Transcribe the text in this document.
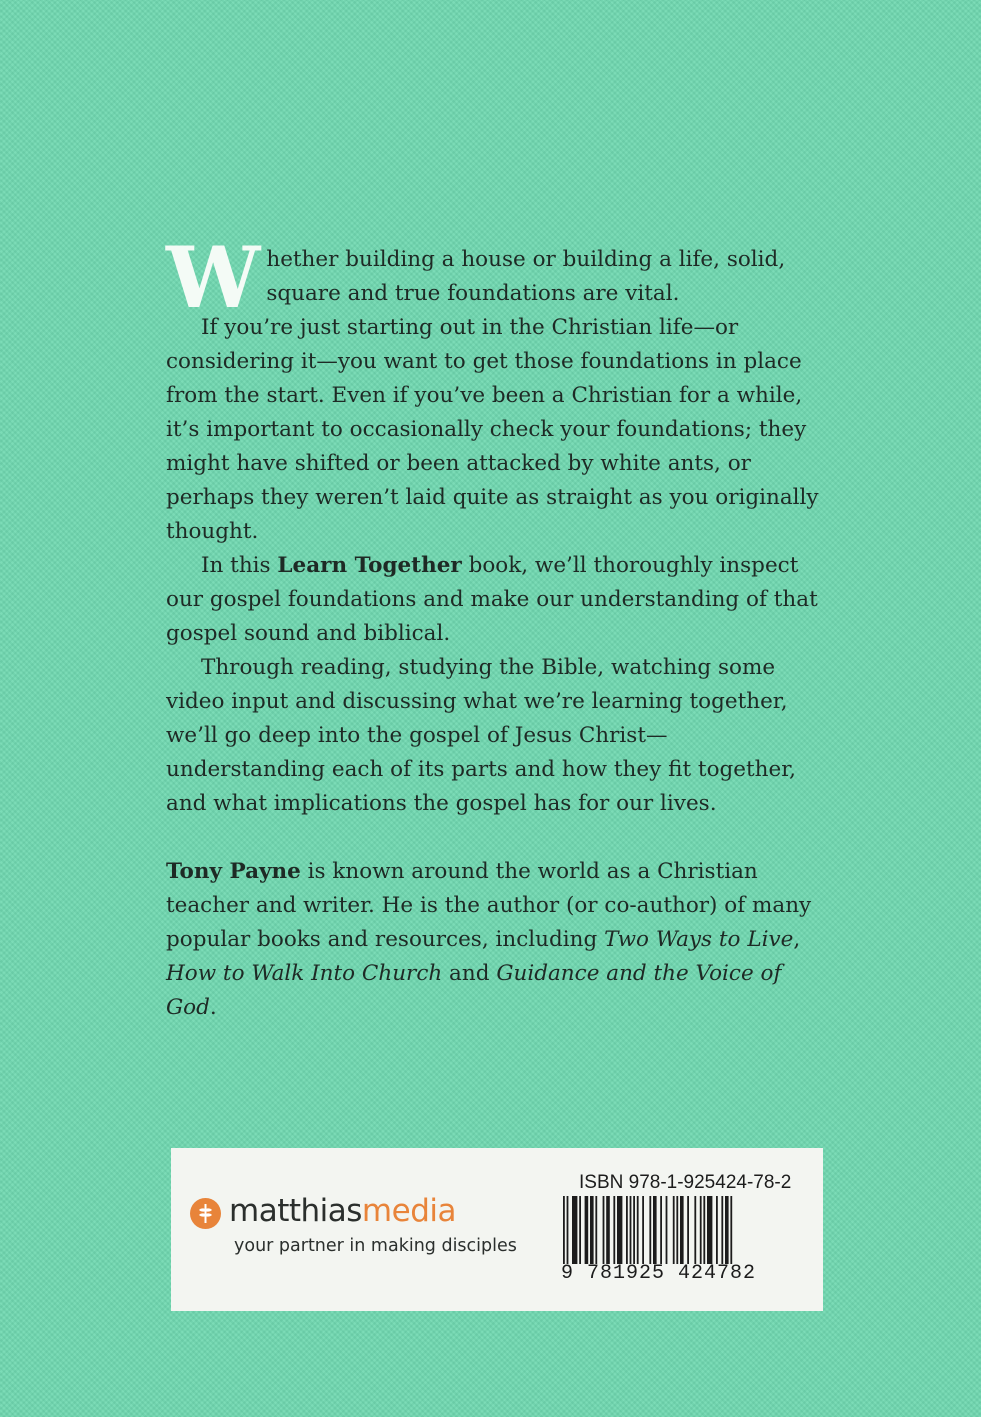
Whether building a house or building a life, solid, square and true foundations are vital.

If you’re just starting out in the Christian life—or considering it—you want to get those foundations in place from the start. Even if you’ve been a Christian for a while, it’s important to occasionally check your foundations; they might have shifted or been attacked by white ants, or perhaps they weren’t laid quite as straight as you originally thought.

In this Learn Together book, we’ll thoroughly inspect our gospel foundations and make our understanding of that gospel sound and biblical.

Through reading, studying the Bible, watching some video input and discussing what we’re learning together, we’ll go deep into the gospel of Jesus Christ—understanding each of its parts and how they fit together, and what implications the gospel has for our lives.

Tony Payne is known around the world as a Christian teacher and writer. He is the author (or co-author) of many popular books and resources, including Two Ways to Live, How to Walk Into Church and Guidance and the Voice of God.

matthiasmedia
your partner in making disciples
ISBN 978-1-925424-78-2
9 781925 424782
